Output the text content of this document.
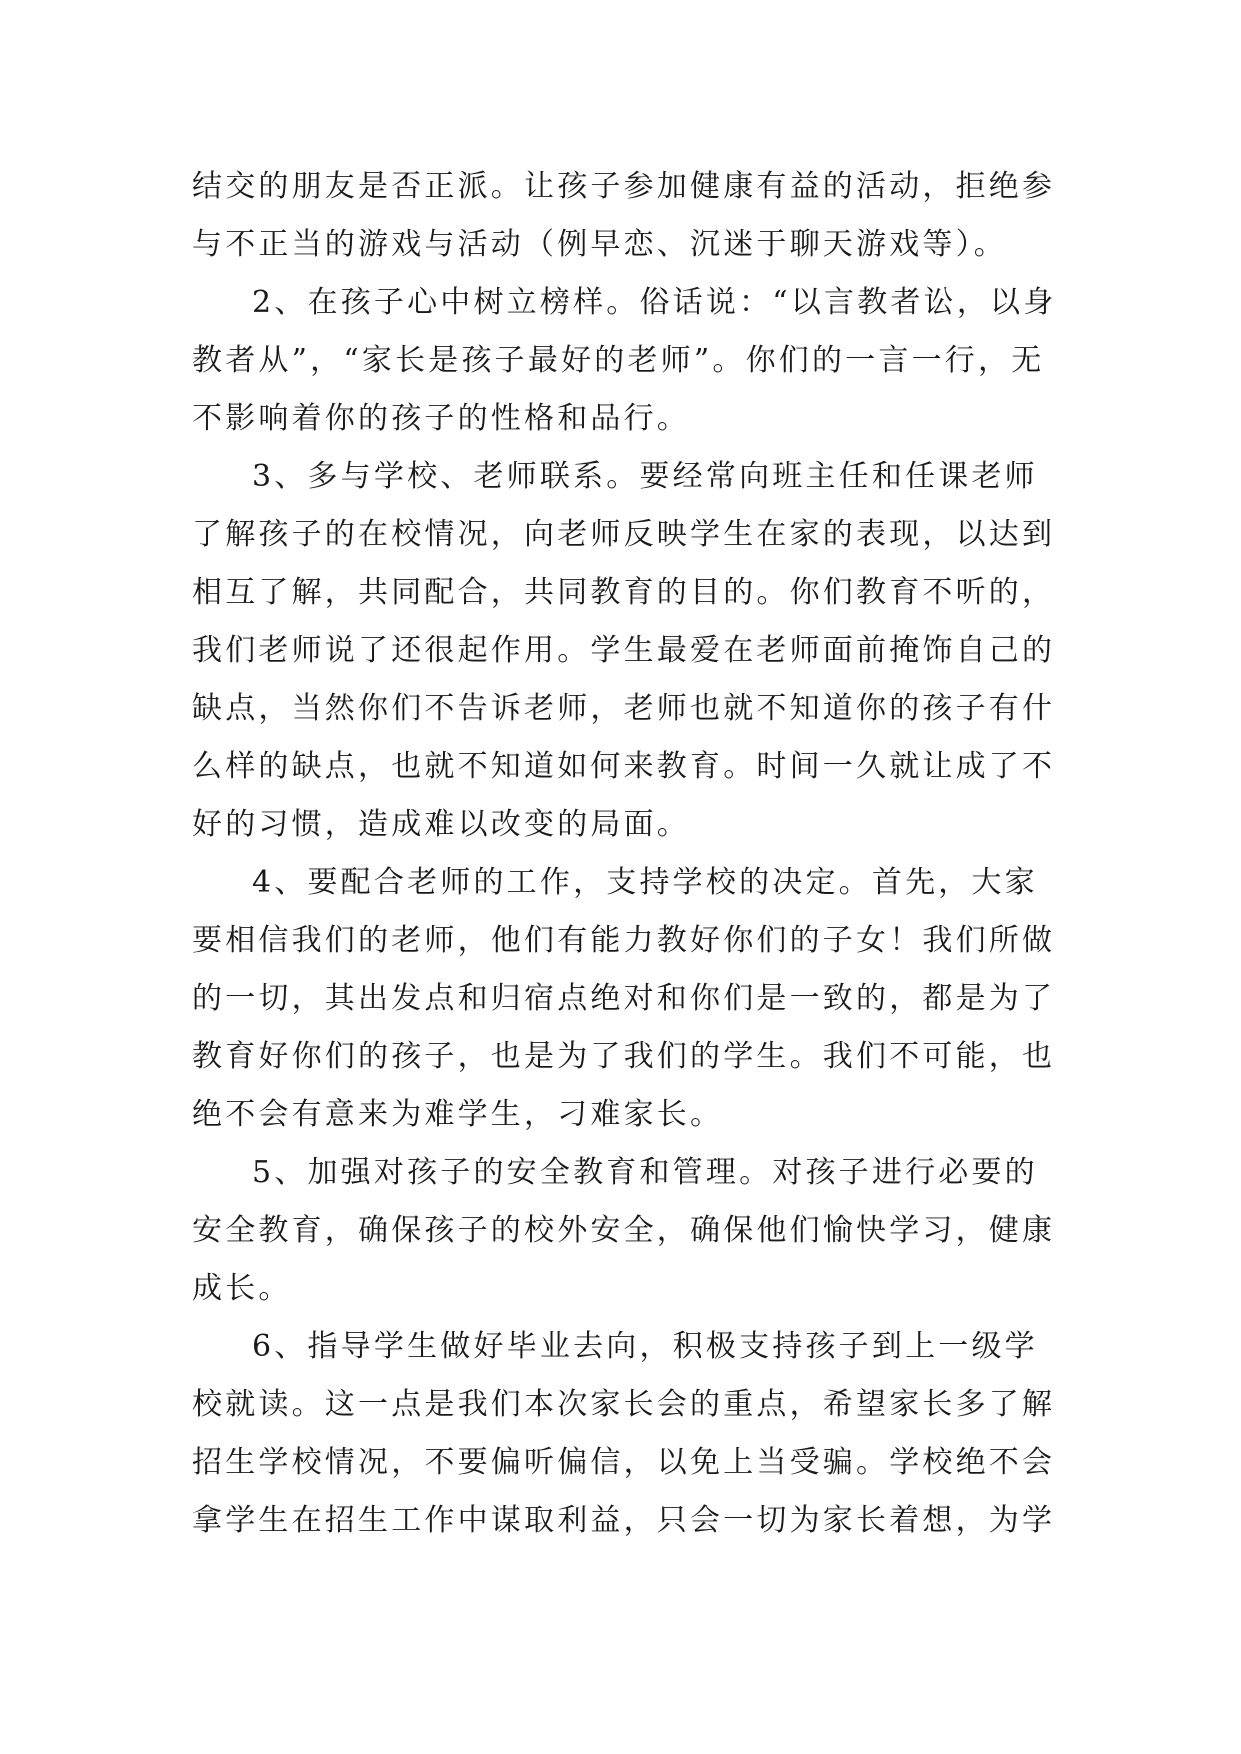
结交的朋友是否正派。让孩子参加健康有益的活动，拒绝参
与不正当的游戏与活动（例早恋、沉迷于聊天游戏等）。
2、在孩子心中树立榜样。俗话说：“以言教者讼，以身
教者从”，“家长是孩子最好的老师”。你们的一言一行，无
不影响着你的孩子的性格和品行。
3、多与学校、老师联系。要经常向班主任和任课老师
了解孩子的在校情况，向老师反映学生在家的表现，以达到
相互了解，共同配合，共同教育的目的。你们教育不听的，
我们老师说了还很起作用。学生最爱在老师面前掩饰自己的
缺点，当然你们不告诉老师，老师也就不知道你的孩子有什
么样的缺点，也就不知道如何来教育。时间一久就让成了不
好的习惯，造成难以改变的局面。
4、要配合老师的工作，支持学校的决定。首先，大家
要相信我们的老师，他们有能力教好你们的子女！我们所做
的一切，其出发点和归宿点绝对和你们是一致的，都是为了
教育好你们的孩子，也是为了我们的学生。我们不可能，也
绝不会有意来为难学生，刁难家长。
5、加强对孩子的安全教育和管理。对孩子进行必要的
安全教育，确保孩子的校外安全，确保他们愉快学习，健康
成长。
6、指导学生做好毕业去向，积极支持孩子到上一级学
校就读。这一点是我们本次家长会的重点，希望家长多了解
招生学校情况，不要偏听偏信，以免上当受骗。学校绝不会
拿学生在招生工作中谋取利益，只会一切为家长着想，为学
